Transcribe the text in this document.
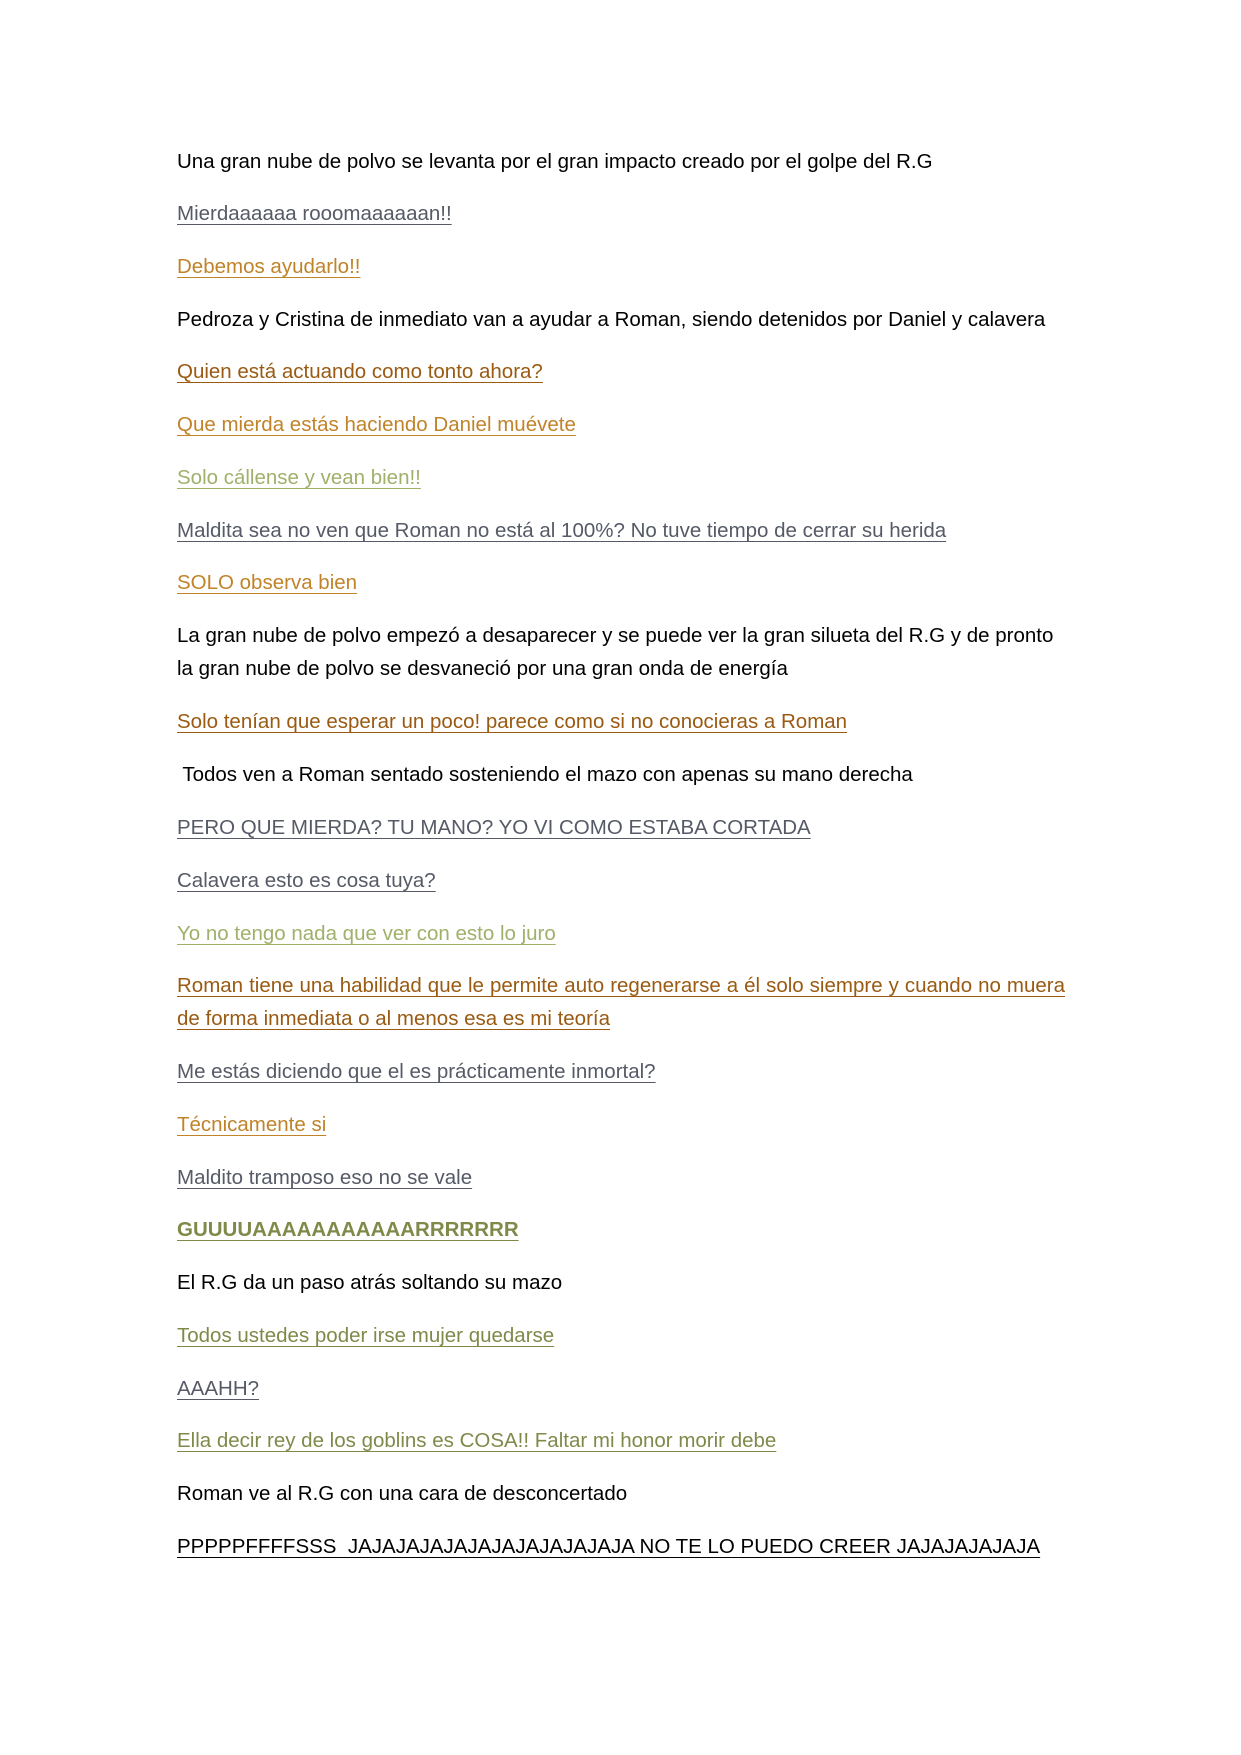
Una gran nube de polvo se levanta por el gran impacto creado por el golpe del R.G

Mierdaaaaaa rooomaaaaaan!!

Debemos ayudarlo!!

Pedroza y Cristina de inmediato van a ayudar a Roman, siendo detenidos por Daniel y calavera

Quien está actuando como tonto ahora?

Que mierda estás haciendo Daniel muévete

Solo cállense y vean bien!!

Maldita sea no ven que Roman no está al 100%? No tuve tiempo de cerrar su herida

SOLO observa bien

La gran nube de polvo empezó a desaparecer y se puede ver la gran silueta del R.G y de pronto la gran nube de polvo se desvaneció por una gran onda de energía

Solo tenían que esperar un poco! parece como si no conocieras a Roman

Todos ven a Roman sentado sosteniendo el mazo con apenas su mano derecha

PERO QUE MIERDA? TU MANO? YO VI COMO ESTABA CORTADA

Calavera esto es cosa tuya?

Yo no tengo nada que ver con esto lo juro

Roman tiene una habilidad que le permite auto regenerarse a él solo siempre y cuando no muera de forma inmediata o al menos esa es mi teoría

Me estás diciendo que el es prácticamente inmortal?

Técnicamente si

Maldito tramposo eso no se vale

GUUUUAAAAAAAAAAARRRRRRR

El R.G da un paso atrás soltando su mazo

Todos ustedes poder irse mujer quedarse

AAAHH?

Ella decir rey de los goblins es COSA!! Faltar mi honor morir debe

Roman ve al R.G con una cara de desconcertado

PPPPPFFFFSSS  JAJAJAJAJAJAJAJAJAJAJAJA NO TE LO PUEDO CREER JAJAJAJAJAJA
